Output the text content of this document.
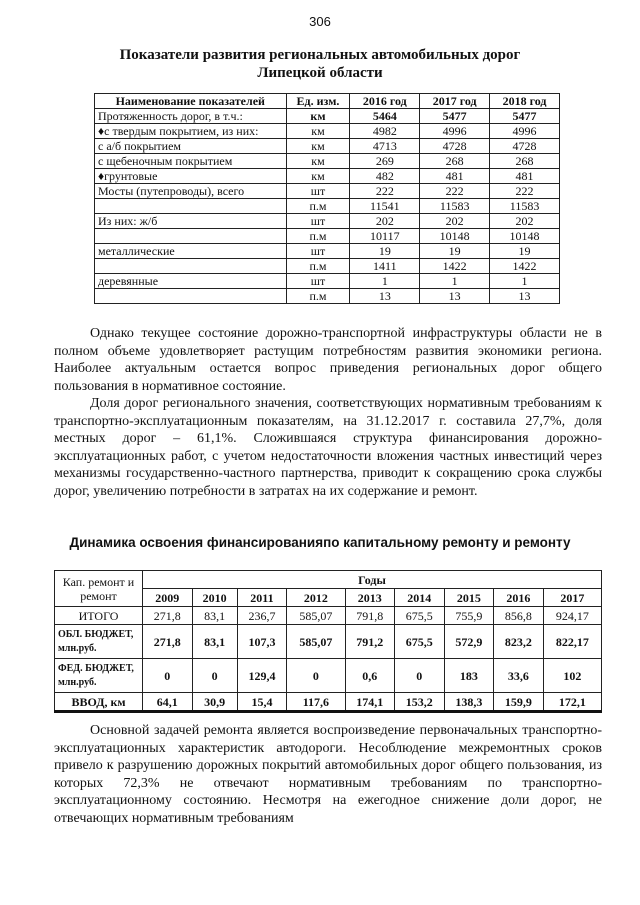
306
Показатели развития региональных автомобильных дорог
Липецкой области
Наименование показателей	Ед. изм.	2016 год	2017 год	2018 год
Протяженность дорог, в т.ч.:	км	5464	5477	5477
♦с твердым покрытием, из них:	км	4982	4996	4996
с а/б покрытием	км	4713	4728	4728
с щебеночным покрытием	км	269	268	268
♦грунтовые	км	482	481	481
Мосты (путепроводы), всего	шт	222	222	222
	п.м	11541	11583	11583
Из них: ж/б	шт	202	202	202
	п.м	10117	10148	10148
металлические	шт	19	19	19
	п.м	1411	1422	1422
деревянные	шт	1	1	1
	п.м	13	13	13
Однако текущее состояние дорожно-транспортной инфраструктуры области не в полном объеме удовлетворяет растущим потребностям развития экономики региона. Наиболее актуальным остается вопрос приведения региональных дорог общего пользования в нормативное состояние.
Доля дорог регионального значения, соответствующих нормативным требованиям к транспортно-эксплуатационным показателям, на 31.12.2017 г. составила 27,7%, доля местных дорог – 61,1%. Сложившаяся структура финансирования дорожно-эксплуатационных работ, с учетом недостаточности вложения частных инвестиций через механизмы государственно-частного партнерства, приводит к сокращению срока службы дорог, увеличению потребности в затратах на их содержание и ремонт.
Динамика освоения финансированияпо капитальному ремонту и ремонту
Кап. ремонт и ремонт	Годы								
	2009	2010	2011	2012	2013	2014	2015	2016	2017
ИТОГО	271,8	83,1	236,7	585,07	791,8	675,5	755,9	856,8	924,17
ОБЛ. БЮДЖЕТ, млн.руб.	271,8	83,1	107,3	585,07	791,2	675,5	572,9	823,2	822,17
ФЕД. БЮДЖЕТ, млн.руб.	0	0	129,4	0	0,6	0	183	33,6	102
ВВОД, км	64,1	30,9	15,4	117,6	174,1	153,2	138,3	159,9	172,1
Основной задачей ремонта является воспроизведение первоначальных транспортно-эксплуатационных характеристик автодороги. Несоблюдение межремонтных сроков привело к разрушению дорожных покрытий автомобильных дорог общего пользования, из которых 72,3% не отвечают нормативным требованиям по транспортно-эксплуатационному состоянию. Несмотря на ежегодное снижение доли дорог, не отвечающих нормативным требованиям
